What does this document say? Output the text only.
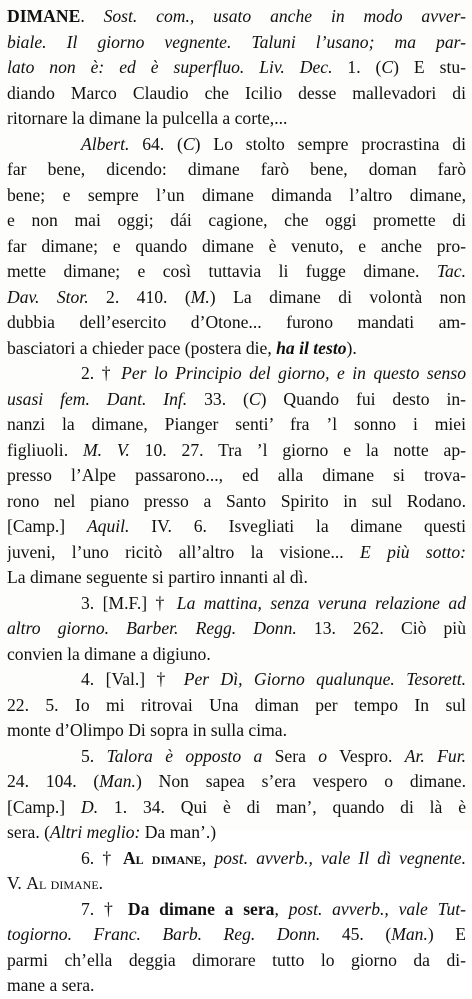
DIMANE. Sost. com., usato anche in modo avver-
biale. Il giorno vegnente. Taluni l’usano; ma par-
lato non è: ed è superfluo. Liv. Dec. 1. (C) E stu-
diando Marco Claudio che Icilio desse mallevadori di
ritornare la dimane la pulcella a corte,...
Albert. 64. (C) Lo stolto sempre procrastina di
far bene, dicendo: dimane farò bene, doman farò
bene; e sempre l’un dimane dimanda l’altro dimane,
e non mai oggi; dái cagione, che oggi promette di
far dimane; e quando dimane è venuto, e anche pro-
mette dimane; e così tuttavia li fugge dimane. Tac.
Dav. Stor. 2. 410. (M.) La dimane di volontà non
dubbia dell’esercito d’Otone... furono mandati am-
basciatori a chieder pace (postera die, ha il testo).
2. † Per lo Principio del giorno, e in questo senso
usasi fem. Dant. Inf. 33. (C) Quando fui desto in-
nanzi la dimane, Pianger senti’ fra ’l sonno i miei
figliuoli. M. V. 10. 27. Tra ’l giorno e la notte ap-
presso l’Alpe passarono..., ed alla dimane si trova-
rono nel piano presso a Santo Spirito in sul Rodano.
[Camp.] Aquil. IV. 6. Isvegliati la dimane questi
juveni, l’uno ricitò all’altro la visione... E più sotto:
La dimane seguente si partiro innanti al dì.
3. [M.F.] † La mattina, senza veruna relazione ad
altro giorno. Barber. Regg. Donn. 13. 262. Ciò più
convien la dimane a digiuno.
4. [Val.] † Per Dì, Giorno qualunque. Tesorett.
22. 5. Io mi ritrovai Una diman per tempo In sul
monte d’Olimpo Di sopra in sulla cima.
5. Talora è opposto a Sera o Vespro. Ar. Fur.
24. 104. (Man.) Non sapea s’era vespero o dimane.
[Camp.] D. 1. 34. Qui è di man’, quando di là è
sera. (Altri meglio: Da man’.)
6. † Al dimane, post. avverb., vale Il dì vegnente.
V. Al dimane.
7. † Da dimane a sera, post. avverb., vale Tut-
togiorno. Franc. Barb. Reg. Donn. 45. (Man.) E
parmi ch’ella deggia dimorare tutto lo giorno da di-
mane a sera.
